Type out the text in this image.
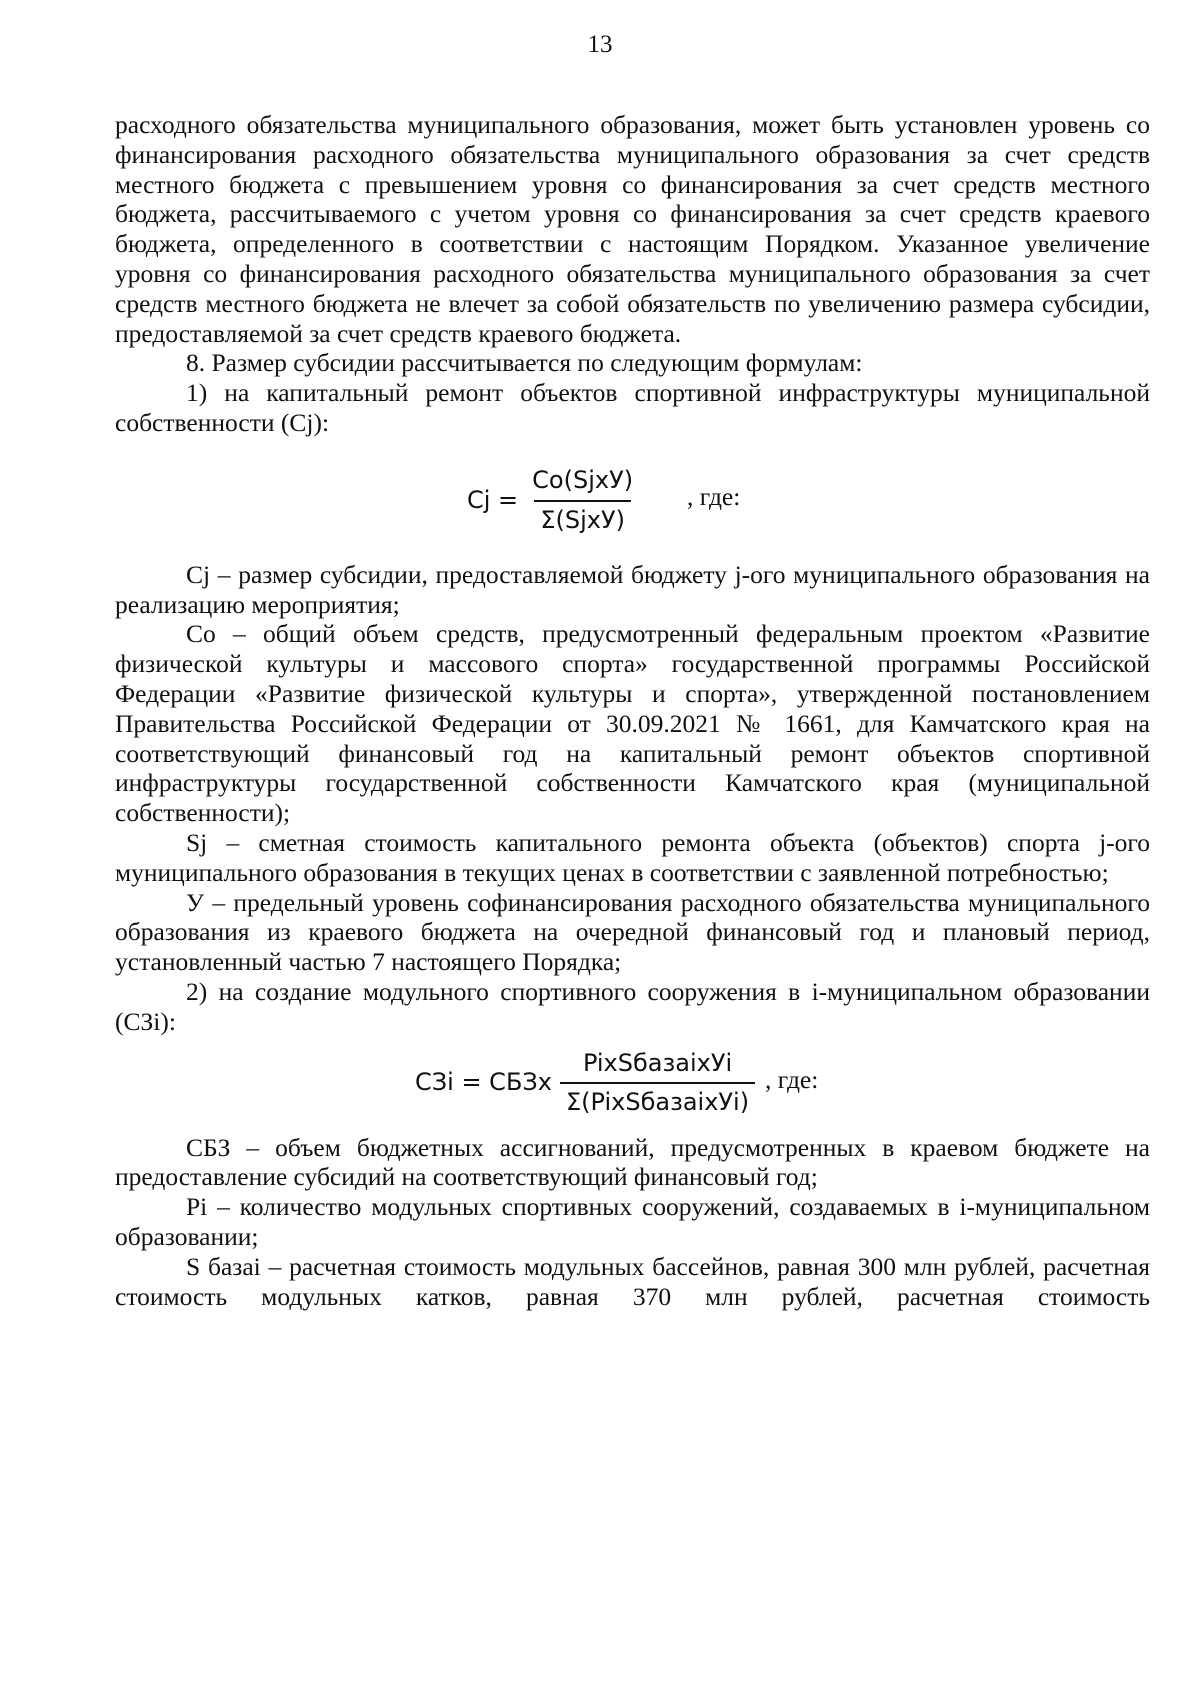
13

расходного обязательства муниципального образования, может быть установлен уровень со финансирования расходного обязательства муниципального образования за счет средств местного бюджета с превышением уровня со финансирования за счет средств местного бюджета, рассчитываемого с учетом уровня со финансирования за счет средств краевого бюджета, определенного в соответствии с настоящим Порядком. Указанное увеличение уровня со финансирования расходного обязательства муниципального образования за счет средств местного бюджета не влечет за собой обязательств по увеличению размера субсидии, предоставляемой за счет средств краевого бюджета.

8. Размер субсидии рассчитывается по следующим формулам:

1) на капитальный ремонт объектов спортивной инфраструктуры муниципальной собственности (Cj):

$Cj = \frac{\text{Co(SjxУ)}}{\text{Σ(SjxУ)}}$ , где:

Cj – размер субсидии, предоставляемой бюджету j-ого муниципального образования на реализацию мероприятия;

Co – общий объем средств, предусмотренный федеральным проектом «Развитие физической культуры и массового спорта» государственной программы Российской Федерации «Развитие физической культуры и спорта», утвержденной постановлением Правительства Российской Федерации от 30.09.2021 № 1661, для Камчатского края на соответствующий финансовый год на капитальный ремонт объектов спортивной инфраструктуры государственной собственности Камчатского края (муниципальной собственности);

Sj – сметная стоимость капитального ремонта объекта (объектов) спорта j-ого муниципального образования в текущих ценах в соответствии с заявленной потребностью;

У – предельный уровень софинансирования расходного обязательства муниципального образования из краевого бюджета на очередной финансовый год и плановый период, установленный частью 7 настоящего Порядка;

2) на создание модульного спортивного сооружения в i-муниципальном образовании (СЗi):

СЗi = СБЗх $\frac{\text{PixSбазаixУi}}{\text{Σ(PixSбазаixУi)}}$ , где:

СБЗ – объем бюджетных ассигнований, предусмотренных в краевом бюджете на предоставление субсидий на соответствующий финансовый год;

Pi – количество модульных спортивных сооружений, создаваемых в i-муниципальном образовании;

S базаi – расчетная стоимость модульных бассейнов, равная 300 млн рублей, расчетная стоимость модульных катков, равная 370 млн рублей, расчетная стоимость
